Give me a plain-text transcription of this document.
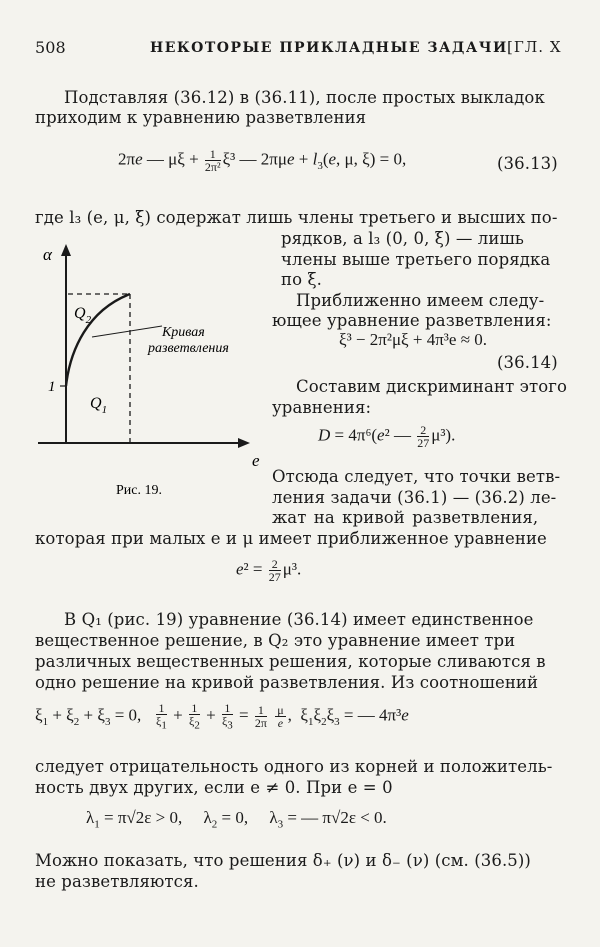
508	НЕКОТОРЫЕ ПРИКЛАДНЫЕ ЗАДАЧИ [ГЛ. X
Подставляя (36.12) в (36.11), после простых выкладок
приходим к уравнению разветвления
2πe — $\mu\xi + \frac{1}{\text{2π²}} \xi^3$ — $2\pi\mu e + l_3(e$, μ, ξ) = 0,	(36.13)
где l₃ (e, μ, ξ) содержат лишь члены третьего и высших по-
рядков, а l₃ (0, 0, ξ) — лишь
члены выше третьего порядка
по ξ.
α
e
1
$Q_2$
$Q_1$
Кривая
разветвления
Рис. 19.
Приближенно имеем следу-
ющее уравнение разветвления:
ξ³ − 2π²μξ + 4π³e ≈ 0.
(36.14)
Составим дискриминант этого
уравнения:
D = 4π⁶(e² — $\frac{2}{27} \mu^3$).
Отсюда следует, что точки ветв-
ления задачи (36.1) — (36.2) ле-
жат на кривой разветвления,
которая при малых e и μ имеет приближенное уравнение
$e^2 = \frac{2}{27} \mu^3$.
В Q₁ (рис. 19) уравнение (36.14) имеет единственное
вещественное решение, в Q₂ это уравнение имеет три
различных вещественных решения, которые сливаются в
одно решение на кривой разветвления. Из соотношений
$\xi_1 + \xi_2 + \xi_3 = 0$, $\frac{1}{\xi_1} + \frac{1}{\xi_2} + \frac{1}{\xi_3} = \frac{1}{2\pi}$
$\frac{\mu}{e}$ ,  $\xi_1\xi_2\xi_3$ = — 4π³e
следует отрицательность одного из корней и положитель-
ность двух других, если e ≠ 0. При e = 0
$\lambda_1 = \pi√2\varepsilon > 0$,     $\lambda_2 = 0$,     $\lambda_3$ = — π√2ε < 0.
Можно показать, что решения δ₊ (ν) и δ₋ (ν) (см. (36.5))
не разветвляются.
